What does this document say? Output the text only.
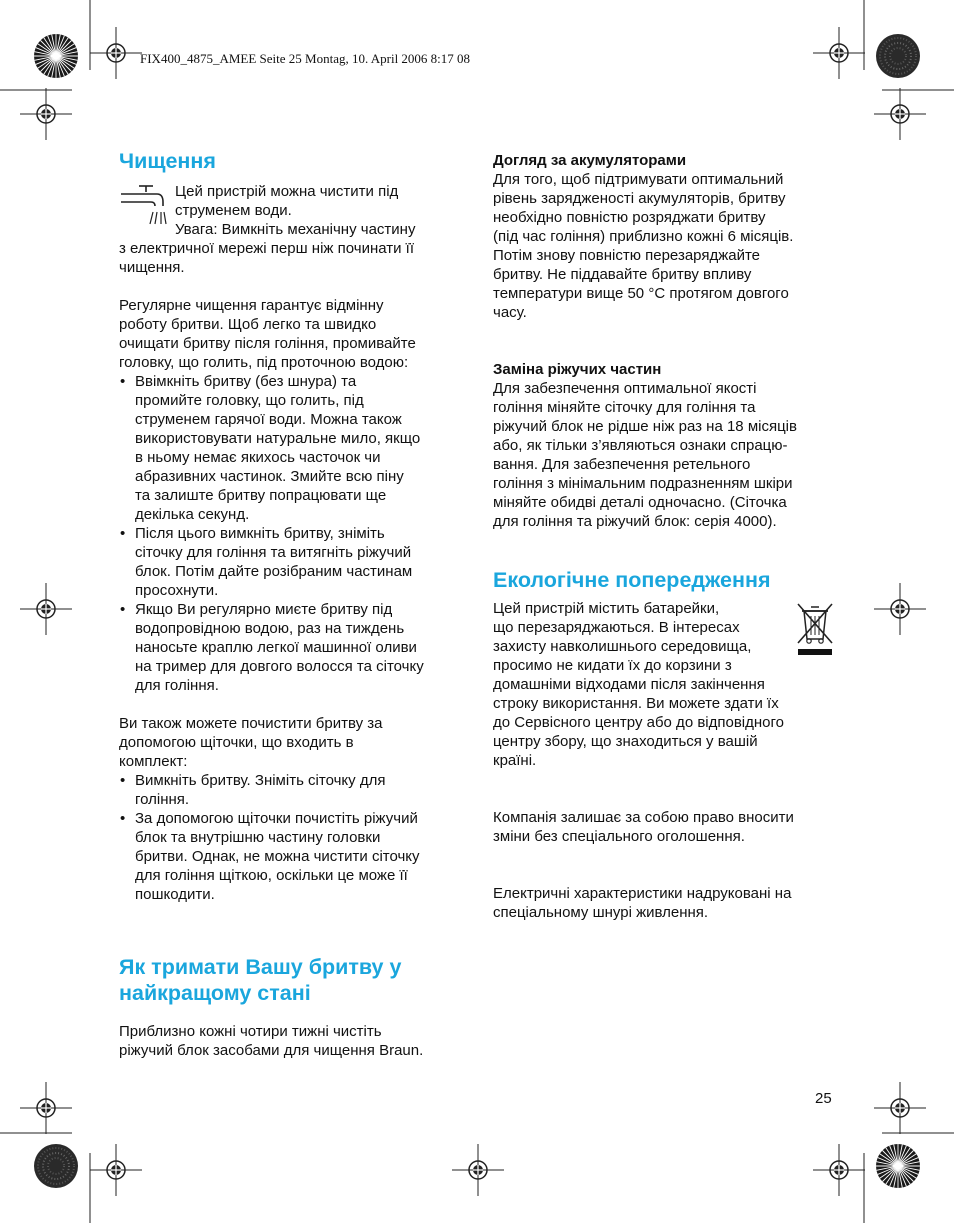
FIX400_4875_AMEE Seite 25 Montag, 10. April 2006 8:17 08
Чищення

Цей пристрій можна чистити під

струменем води.

Увага: Вимкніть механічну частину

з електричної мережі перш ніж починати її

чищення.

Регулярне чищення гарантує відмінну

роботу бритви. Щоб легко та швидко

очищати бритву після гоління, промивайте

головку, що голить, під проточною водою:

• Ввімкніть бритву (без шнура) та
промийте головку, що голить, під
струменем гарячої води. Можна також
використовувати натуральне мило, якщо
в ньому немає якихось часточок чи
абразивних частинок. Змийте всю піну
та залиште бритву попрацювати ще
декілька секунд.
• Після цього вимкніть бритву, зніміть
сіточку для гоління та витягніть ріжучий
блок. Потім дайте розібраним частинам
просохнути.
• Якщо Ви регулярно миєте бритву під
водопровідною водою, раз на тиждень
наносьте краплю легкої машинної оливи
на тример для довгого волосся та сіточку
для гоління.

Ви також можете почистити бритву за

допомогою щіточки, що входить в

комплект:

• Вимкніть бритву. Зніміть сіточку для
гоління.
• За допомогою щіточки почистіть ріжучий
блок та внутрішню частину головки
бритви. Однак, не можна чистити сіточку
для гоління щіткою, оскільки це може її
пошкодити.
Як тримати Вашу бритву у
найкращому стані

Приблизно кожні чотири тижні чистіть

ріжучий блок засобами для чищення Braun.

Догляд за акумуляторами

Для того, щоб підтримувати оптимальний

рівень зарядженості акумуляторів, бритву

необхідно повністю розряджати бритву

(під час гоління) приблизно кожні 6 місяців.

Потім знову повністю перезаряджайте

бритву. Не піддавайте бритву впливу

температури вище 50 °C протягом довгого

часу.

Заміна ріжучих частин

Для забезпечення оптимальної якості

гоління міняйте сіточку для гоління та

ріжучий блок не рідше ніж раз на 18 місяців

або, як тільки з’являються ознаки спрацю-

вання. Для забезпечення ретельного

гоління з мінімальним подразненням шкіри

міняйте обидві деталі одночасно. (Сіточка

для гоління та ріжучий блок: серія 4000).

Екологічне попередження

Цей пристрій містить батарейки,

що перезаряджаються. В інтересах

захисту навколишнього середовища,

просимо не кидати їх до корзини з

домашніми відходами після закінчення

строку використання. Ви можете здати їх

до Сервісного центру або до відповідного

центру збору, що знаходиться у вашій

країні.

Компанія залишає за собою право вносити

зміни без спеціального оголошення.

Електричні характеристики надруковані на

спеціальному шнурі живлення.

25
